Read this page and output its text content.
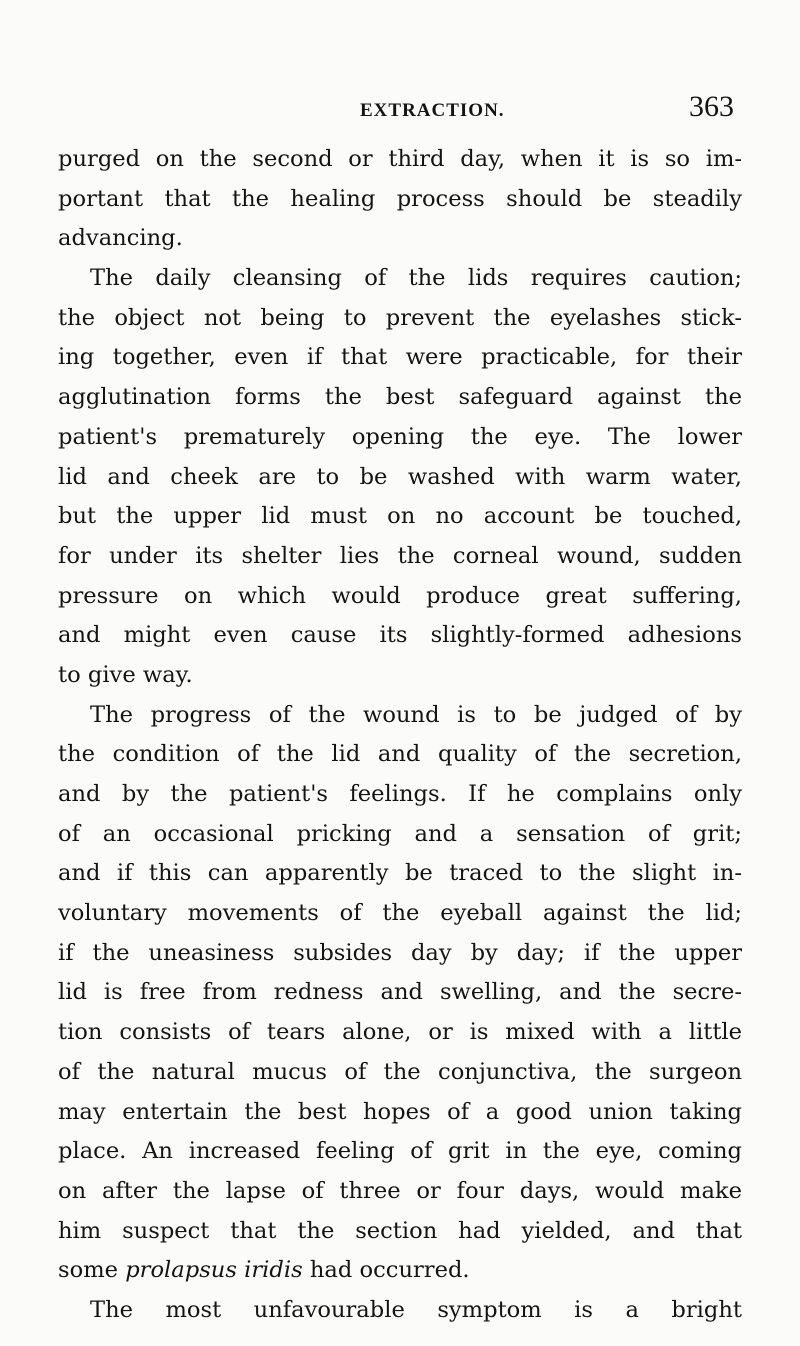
EXTRACTION.	363
purged on the second or third day, when it is so im-
portant that the healing process should be steadily
advancing.
The daily cleansing of the lids requires caution;
the object not being to prevent the eyelashes stick-
ing together, even if that were practicable, for their
agglutination forms the best safeguard against the
patient's prematurely opening the eye. The lower
lid and cheek are to be washed with warm water,
but the upper lid must on no account be touched,
for under its shelter lies the corneal wound, sudden
pressure on which would produce great suffering,
and might even cause its slightly-formed adhesions
to give way.
The progress of the wound is to be judged of by
the condition of the lid and quality of the secretion,
and by the patient's feelings. If he complains only
of an occasional pricking and a sensation of grit;
and if this can apparently be traced to the slight in-
voluntary movements of the eyeball against the lid;
if the uneasiness subsides day by day; if the upper
lid is free from redness and swelling, and the secre-
tion consists of tears alone, or is mixed with a little
of the natural mucus of the conjunctiva, the surgeon
may entertain the best hopes of a good union taking
place. An increased feeling of grit in the eye, coming
on after the lapse of three or four days, would make
him suspect that the section had yielded, and that
some prolapsus iridis had occurred.
The most unfavourable symptom is a bright
